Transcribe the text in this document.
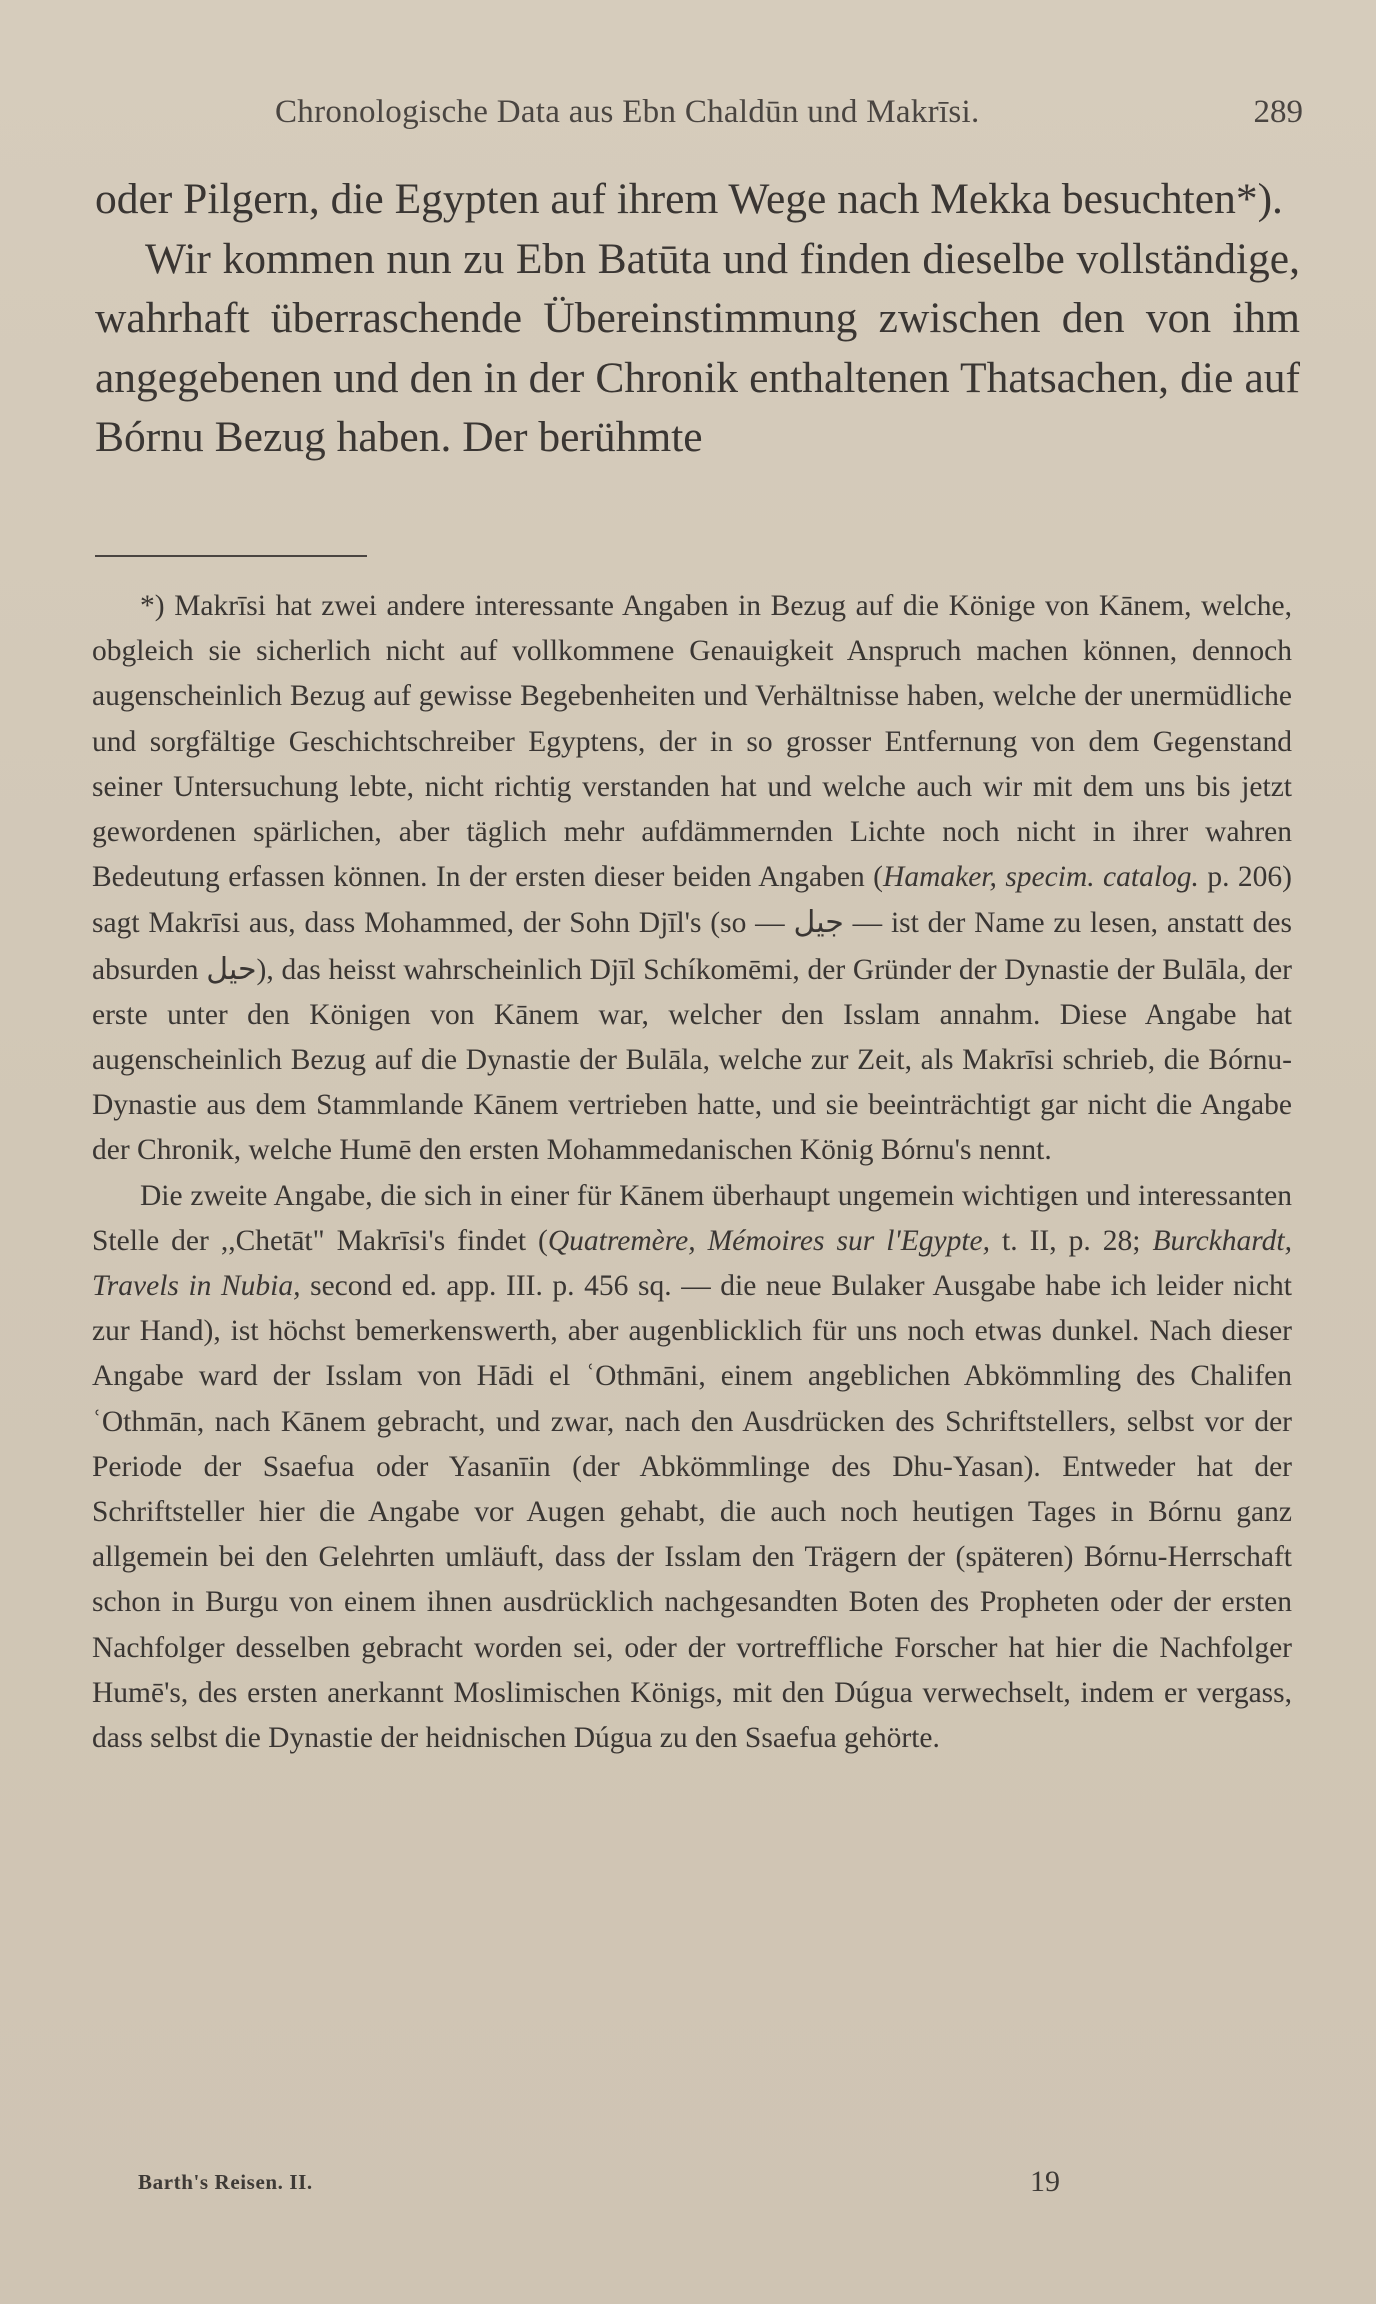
Chronologische Data aus Ebn Chaldūn und Makrīsi.	289

oder Pilgern, die Egypten auf ihrem Wege nach Mekka besuchten*).

Wir kommen nun zu Ebn Batūta und finden dieselbe vollständige, wahrhaft überraschende Übereinstimmung zwischen den von ihm angegebenen und den in der Chronik enthaltenen Thatsachen, die auf Bórnu Bezug haben. Der berühmte

*) Makrīsi hat zwei andere interessante Angaben in Bezug auf die Könige von Kānem, welche, obgleich sie sicherlich nicht auf vollkommene Genauigkeit Anspruch machen können, dennoch augenscheinlich Bezug auf gewisse Begebenheiten und Verhältnisse haben, welche der unermüdliche und sorgfältige Geschichtschreiber Egyptens, der in so grosser Entfernung von dem Gegenstand seiner Untersuchung lebte, nicht richtig verstanden hat und welche auch wir mit dem uns bis jetzt gewordenen spärlichen, aber täglich mehr aufdämmernden Lichte noch nicht in ihrer wahren Bedeutung erfassen können. In der ersten dieser beiden Angaben (Hamaker, specim. catalog. p. 206) sagt Makrīsi aus, dass Mohammed, der Sohn Djīl's (so — جيل — ist der Name zu lesen, anstatt des absurden حيل), das heisst wahrscheinlich Djīl Schíkomēmi, der Gründer der Dynastie der Bulāla, der erste unter den Königen von Kānem war, welcher den Isslam annahm. Diese Angabe hat augenscheinlich Bezug auf die Dynastie der Bulāla, welche zur Zeit, als Makrīsi schrieb, die Bórnu-Dynastie aus dem Stammlande Kānem vertrieben hatte, und sie beeinträchtigt gar nicht die Angabe der Chronik, welche Humē den ersten Mohammedanischen König Bórnu's nennt.

Die zweite Angabe, die sich in einer für Kānem überhaupt ungemein wichtigen und interessanten Stelle der ,,Chetāt" Makrīsi's findet (Quatremère, Mémoires sur l'Egypte, t. II, p. 28; Burckhardt, Travels in Nubia, second ed. app. III. p. 456 sq. — die neue Bulaker Ausgabe habe ich leider nicht zur Hand), ist höchst bemerkenswerth, aber augenblicklich für uns noch etwas dunkel. Nach dieser Angabe ward der Isslam von Hādi el ʿOthmāni, einem angeblichen Abkömmling des Chalifen ʿOthmān, nach Kānem gebracht, und zwar, nach den Ausdrücken des Schriftstellers, selbst vor der Periode der Ssaefua oder Yasanīin (der Abkömmlinge des Dhu-Yasan). Entweder hat der Schriftsteller hier die Angabe vor Augen gehabt, die auch noch heutigen Tages in Bórnu ganz allgemein bei den Gelehrten umläuft, dass der Isslam den Trägern der (späteren) Bórnu-Herrschaft schon in Burgu von einem ihnen ausdrücklich nachgesandten Boten des Propheten oder der ersten Nachfolger desselben gebracht worden sei, oder der vortreffliche Forscher hat hier die Nachfolger Humē's, des ersten anerkannt Moslimischen Königs, mit den Dúgua verwechselt, indem er vergass, dass selbst die Dynastie der heidnischen Dúgua zu den Ssaefua gehörte.

Barth's Reisen. II.	19
